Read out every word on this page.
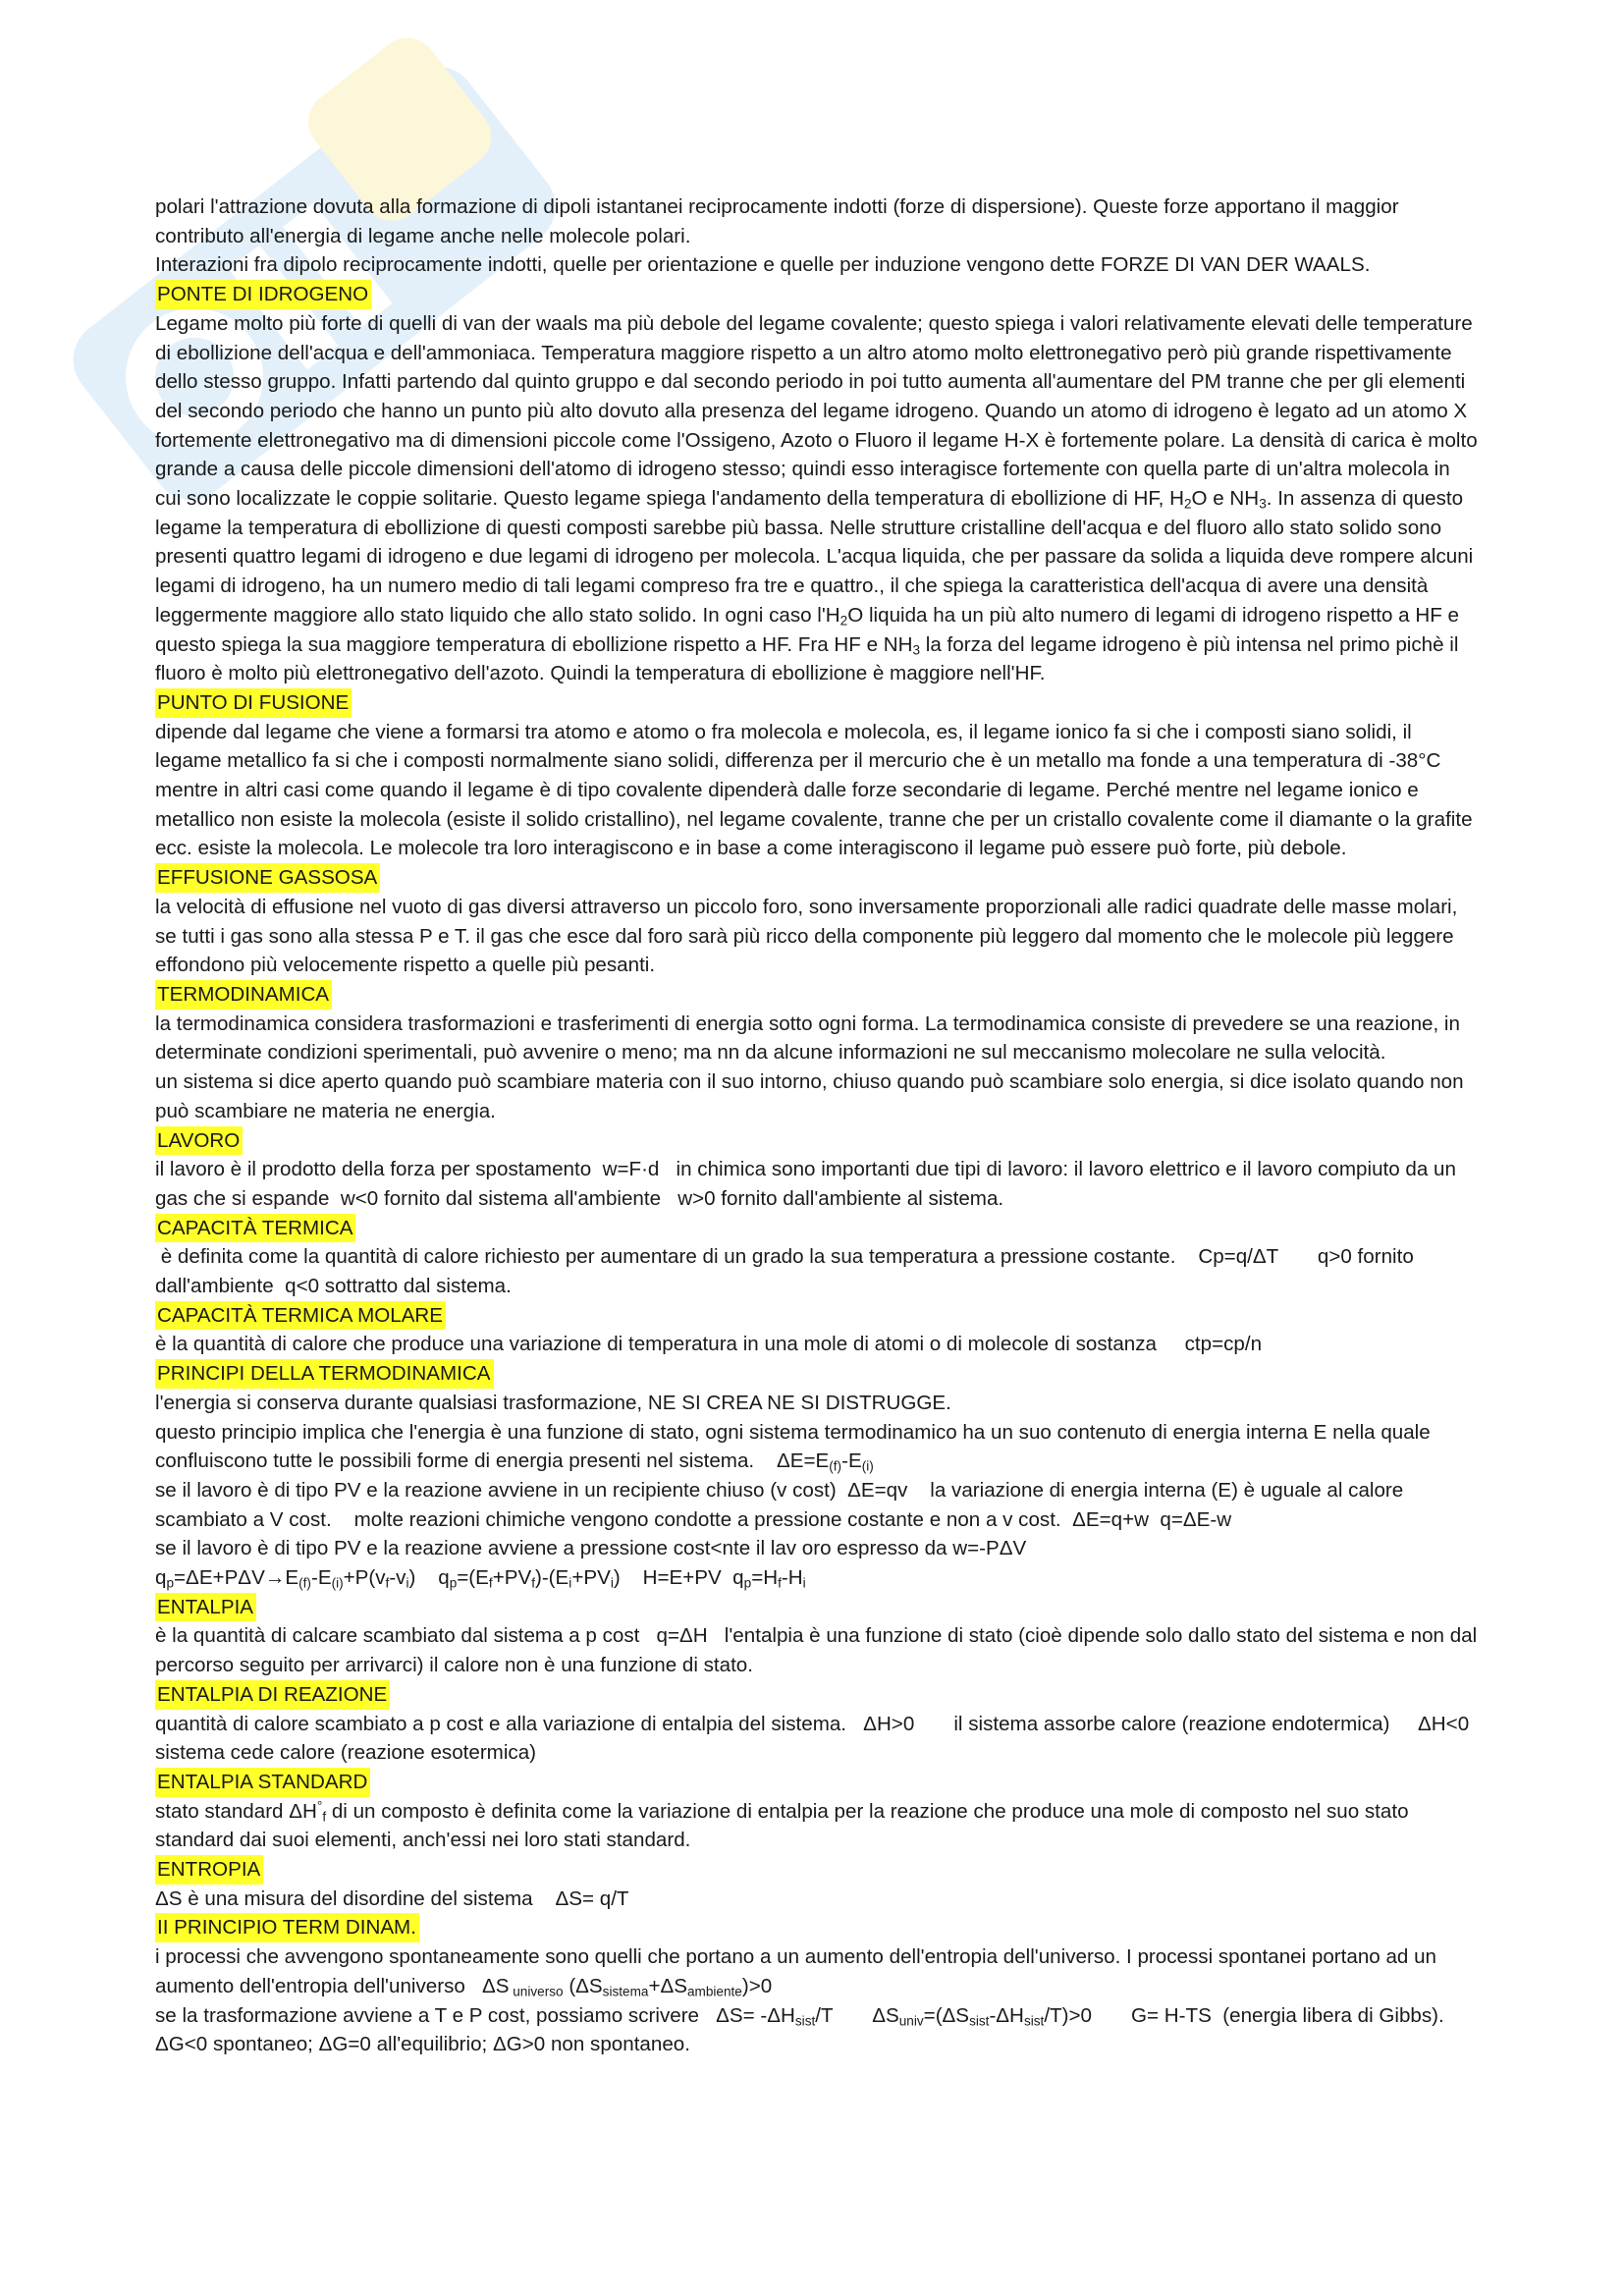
polari l'attrazione dovuta alla formazione di dipoli istantanei reciprocamente indotti (forze di dispersione). Queste forze apportano il maggior contributo all'energia di legame anche nelle molecole polari.
Interazioni fra dipolo reciprocamente indotti, quelle per orientazione e quelle per induzione vengono dette FORZE DI VAN DER WAALS.

PONTE DI IDROGENO

Legame molto più forte di quelli di van der waals ma più debole del legame covalente; questo spiega i valori relativamente elevati delle temperature di ebollizione dell'acqua e dell'ammoniaca. Temperatura maggiore rispetto a un altro atomo molto elettronegativo però più grande rispettivamente dello stesso gruppo. Infatti partendo dal quinto gruppo e dal secondo periodo in poi tutto aumenta all'aumentare del PM tranne che per gli elementi del secondo periodo che hanno un punto più alto dovuto alla presenza del legame idrogeno. Quando un atomo di idrogeno è legato ad un atomo X fortemente elettronegativo ma di dimensioni piccole come l'Ossigeno, Azoto o Fluoro il legame H-X è fortemente polare. La densità di carica è molto grande a causa delle piccole dimensioni dell'atomo di idrogeno stesso; quindi esso interagisce fortemente con quella parte di un'altra molecola in cui sono localizzate le coppie solitarie. Questo legame spiega l'andamento della temperatura di ebollizione di HF, $H_2O$ e $NH_3$. In assenza di questo legame la temperatura di ebollizione di questi composti sarebbe più bassa. Nelle strutture cristalline dell'acqua e del fluoro allo stato solido sono presenti quattro legami di idrogeno e due legami di idrogeno per molecola. L'acqua liquida, che per passare da solida a liquida deve rompere alcuni legami di idrogeno, ha un numero medio di tali legami compreso fra tre e quattro., il che spiega la caratteristica dell'acqua di avere una densità leggermente maggiore allo stato liquido che allo stato solido. In ogni caso $l'H_2O$ liquida ha un più alto numero di legami di idrogeno rispetto a HF e questo spiega la sua maggiore temperatura di ebollizione rispetto a HF. Fra HF e $NH_3$ la forza del legame idrogeno è più intensa nel primo pichè il fluoro è molto più elettronegativo dell'azoto. Quindi la temperatura di ebollizione è maggiore nell'HF.

PUNTO DI FUSIONE

dipende dal legame che viene a formarsi tra atomo e atomo o fra molecola e molecola, es, il legame ionico fa si che i composti siano solidi, il legame metallico fa si che i composti normalmente siano solidi, differenza per il mercurio che è un metallo ma fonde a una temperatura di -38°C mentre in altri casi come quando il legame è di tipo covalente dipenderà dalle forze secondarie di legame. Perché mentre nel legame ionico e metallico non esiste la molecola (esiste il solido cristallino), nel legame covalente, tranne che per un cristallo covalente come il diamante o la grafite ecc. esiste la molecola. Le molecole tra loro interagiscono e in base a come interagiscono il legame può essere può forte, più debole.

EFFUSIONE GASSOSA

la velocità di effusione nel vuoto di gas diversi attraverso un piccolo foro, sono inversamente proporzionali alle radici quadrate delle masse molari, se tutti i gas sono alla stessa P e T. il gas che esce dal foro sarà più ricco della componente più leggero dal momento che le molecole più leggere effondono più velocemente rispetto a quelle più pesanti.

TERMODINAMICA

la termodinamica considera trasformazioni e trasferimenti di energia sotto ogni forma. La termodinamica consiste di prevedere se una reazione, in determinate condizioni sperimentali, può avvenire o meno; ma nn da alcune informazioni ne sul meccanismo molecolare ne sulla velocità.
un sistema si dice aperto quando può scambiare materia con il suo intorno, chiuso quando può scambiare solo energia, si dice isolato quando non può scambiare ne materia ne energia.

LAVORO

il lavoro è il prodotto della forza per spostamento  w=F·d   in chimica sono importanti due tipi di lavoro: il lavoro elettrico e il lavoro compiuto da un gas che si espande  w<0 fornito dal sistema all'ambiente   w>0 fornito dall'ambiente al sistema.

CAPACITÀ TERMICA

è definita come la quantità di calore richiesto per aumentare di un grado la sua temperatura a pressione costante.    Cp=q/ΔT       q>0 fornito dall'ambiente  q<0 sottratto dal sistema.

CAPACITÀ TERMICA MOLARE

è la quantità di calore che produce una variazione di temperatura in una mole di atomi o di molecole di sostanza     ctp=cp/n

PRINCIPI DELLA TERMODINAMICA

l'energia si conserva durante qualsiasi trasformazione, NE SI CREA NE SI DISTRUGGE.
questo principio implica che l'energia è una funzione di stato, ogni sistema termodinamico ha un suo contenuto di energia interna E nella quale confluiscono tutte le possibili forme di energia presenti nel sistema.    $\Delta E=E_{(f)}-E_{(i)}$
se il lavoro è di tipo PV e la reazione avviene in un recipiente chiuso (v cost)  ΔE=qv    la variazione di energia interna (E) è uguale al calore scambiato a V cost.    molte reazioni chimiche vengono condotte a pressione costante e non a v cost.  ΔE=q+w  q=ΔE-w
se il lavoro è di tipo PV e la reazione avviene a pressione cost<nte il lav oro espresso da w=-PΔV
$q_p=\Delta E+P\Delta V\to E_{(f)}-E_{(i)}+P(v_f-v_i)$    $q_p=(E_f+PV_f)-(E_i+PV_i)$    H=E+PV  $q_p=H_f-H_i$

ENTALPIA

è la quantità di calcare scambiato dal sistema a p cost   q=ΔH   l'entalpia è una funzione di stato (cioè dipende solo dallo stato del sistema e non dal percorso seguito per arrivarci) il calore non è una funzione di stato.

ENTALPIA DI REAZIONE

quantità di calore scambiato a p cost e alla variazione di entalpia del sistema.   ΔH>0       il sistema assorbe calore (reazione endotermica)     ΔH<0  sistema cede calore (reazione esotermica)

ENTALPIA STANDARD

stato standard $\Delta H^\circ_f$ di un composto è definita come la variazione di entalpia per la reazione che produce una mole di composto nel suo stato standard dai suoi elementi, anch'essi nei loro stati standard.

ENTROPIA

ΔS è una misura del disordine del sistema    ΔS= q/T

II PRINCIPIO TERM DINAM.

i processi che avvengono spontaneamente sono quelli che portano a un aumento dell'entropia dell'universo. I processi spontanei portano ad un aumento dell'entropia dell'universo   ΔS $_{universo}$ $(\Delta S_{sistema}+\Delta S_{ambiente})>0$
se la trasformazione avviene a T e P cost, possiamo scrivere   $\Delta S= -\Delta H_{sist}/T$       $\Delta S_{univ}=(\Delta S_{sist}-\Delta H_{sist}/T)>0$       G= H-TS  (energia libera di Gibbs).   ΔG<0 spontaneo; ΔG=0 all'equilibrio; ΔG>0 non spontaneo.
